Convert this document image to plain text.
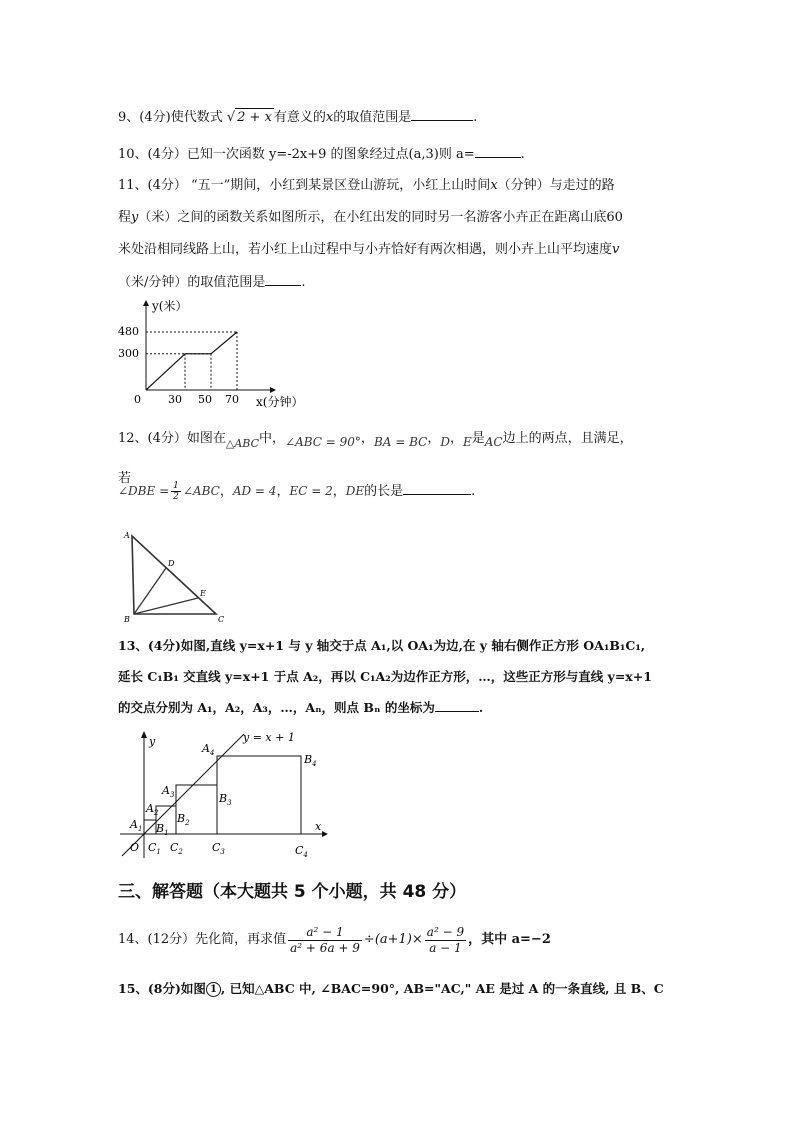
9、(4分)使代数式 √ 2 + x 有意义的x的取值范围是	.
10、(4分）已知一次函数 y=-2x+9 的图象经过点(a,3)则 a=	.
11、(4分） “五一”期间，小红到某景区登山游玩，小红上山时间x（分钟）与走过的路
程y（米）之间的函数关系如图所示，在小红出发的同时另一名游客小卉正在距离山底60
米处沿相同线路上山，若小红上山过程中与小卉恰好有两次相遇，则小卉上山平均速度v
（米/分钟）的取值范围是	.
y(米）
480
300
0 30 50 70 x(分钟）
12、(4分）如图在$_{\triangle ABC}$中，∠ABC = 90°，BA = BC，D，E是AC边上的两点，且满足，
若
∠DBE = $\frac{1}{2}$ ∠ABC，AD = 4，EC = 2，DE的长是	.
A
B	C
D
E
13、(4分)如图,直线 y=x+1 与 y 轴交于点 A₁,以 OA₁为边,在 y 轴右侧作正方形 OA₁B₁C₁,
延长 C₁B₁ 交直线 y=x+1 于点 A₂，再以 C₁A₂为边作正方形，…，这些正方形与直线 y=x+1
的交点分别为 A₁，A₂，A₃，…，Aₙ，则点 Bₙ 的坐标为	.
y = x + 1
y
x
O
$A_1$
$A_2$
$A_3$
$A_4$
$B_1$
$B_2$
$B_3$
$B_4$
$C_1$ $C_2$	$C_3$	$C_4$
三、解答题（本大题共 5 个小题，共 48 分）
14、(12分）先化简，再求值 $\frac{\text{a² − 1}}{\text{a² + 6a + 9}} \div (a+1) \times \frac{\text{a² − 9}}{a - 1}$ ，其中 a=−2
15、(8分)如图 1 , 已知△ABC 中, ∠BAC=90°, AB="AC," AE 是过 A 的一条直线, 且 B、C
